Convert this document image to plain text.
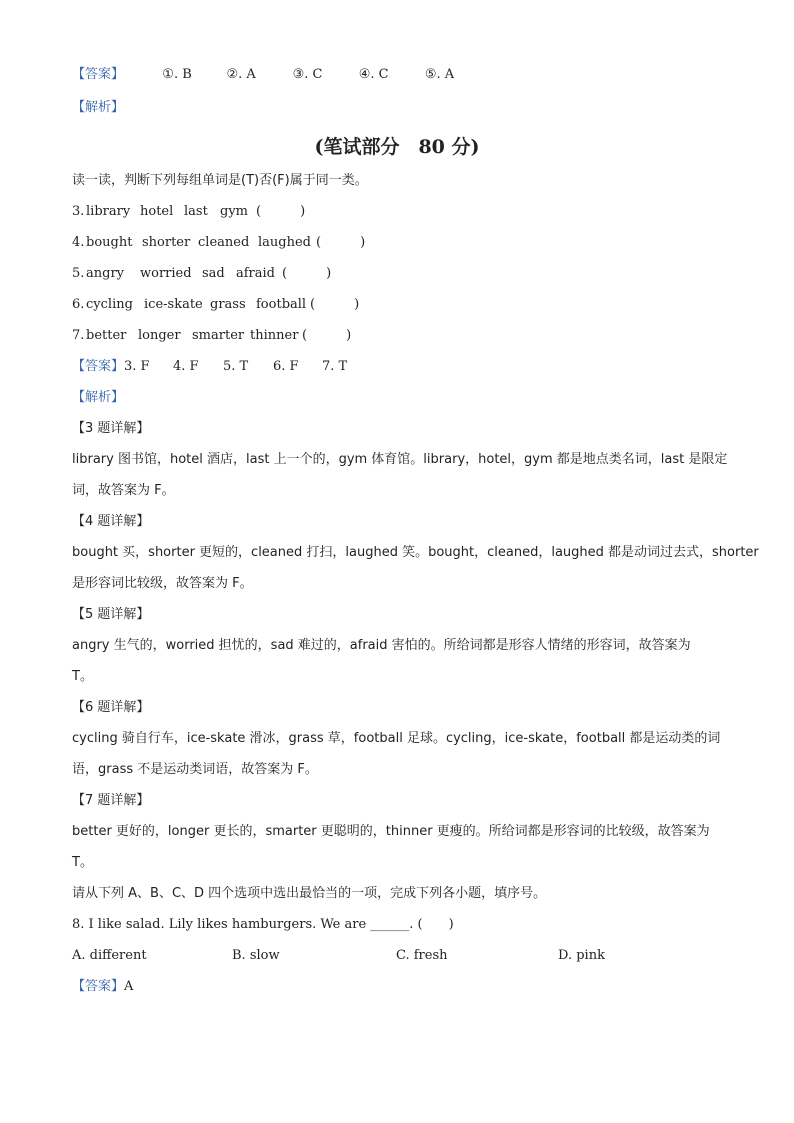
【答案】	①. B	②. A	③. C	④. C	⑤. A
【解析】
(笔试部分　80 分)
读一读，判断下列每组单词是(T)否(F)属于同一类。
3. library hotel last gym (　　　)
4. bought shorter cleaned laughed (　　　)
5. angry worried sad afraid (　　　)
6. cycling ice-skate grass football (　　　)
7. better longer smarter thinner (　　　)
【答案】3. F 4. F 5. T 6. F 7. T
【解析】
【3 题详解】
library 图书馆，hotel 酒店，last 上一个的，gym 体育馆。library，hotel，gym 都是地点类名词，last 是限定
词，故答案为 F。
【4 题详解】
bought 买，shorter 更短的，cleaned 打扫，laughed 笑。bought，cleaned，laughed 都是动词过去式，shorter
是形容词比较级，故答案为 F。
【5 题详解】
angry 生气的，worried 担忧的，sad 难过的，afraid 害怕的。所给词都是形容人情绪的形容词，故答案为
T。
【6 题详解】
cycling 骑自行车，ice-skate 滑冰，grass 草，football 足球。cycling，ice-skate，football 都是运动类的词
语，grass 不是运动类词语，故答案为 F。
【7 题详解】
better 更好的，longer 更长的，smarter 更聪明的，thinner 更瘦的。所给词都是形容词的比较级，故答案为
T。
请从下列 A、B、C、D 四个选项中选出最恰当的一项，完成下列各小题，填序号。
8. I like salad. Lily likes hamburgers. We are ______. (　　)
A. different	B. slow	C. fresh	D. pink
【答案】A
